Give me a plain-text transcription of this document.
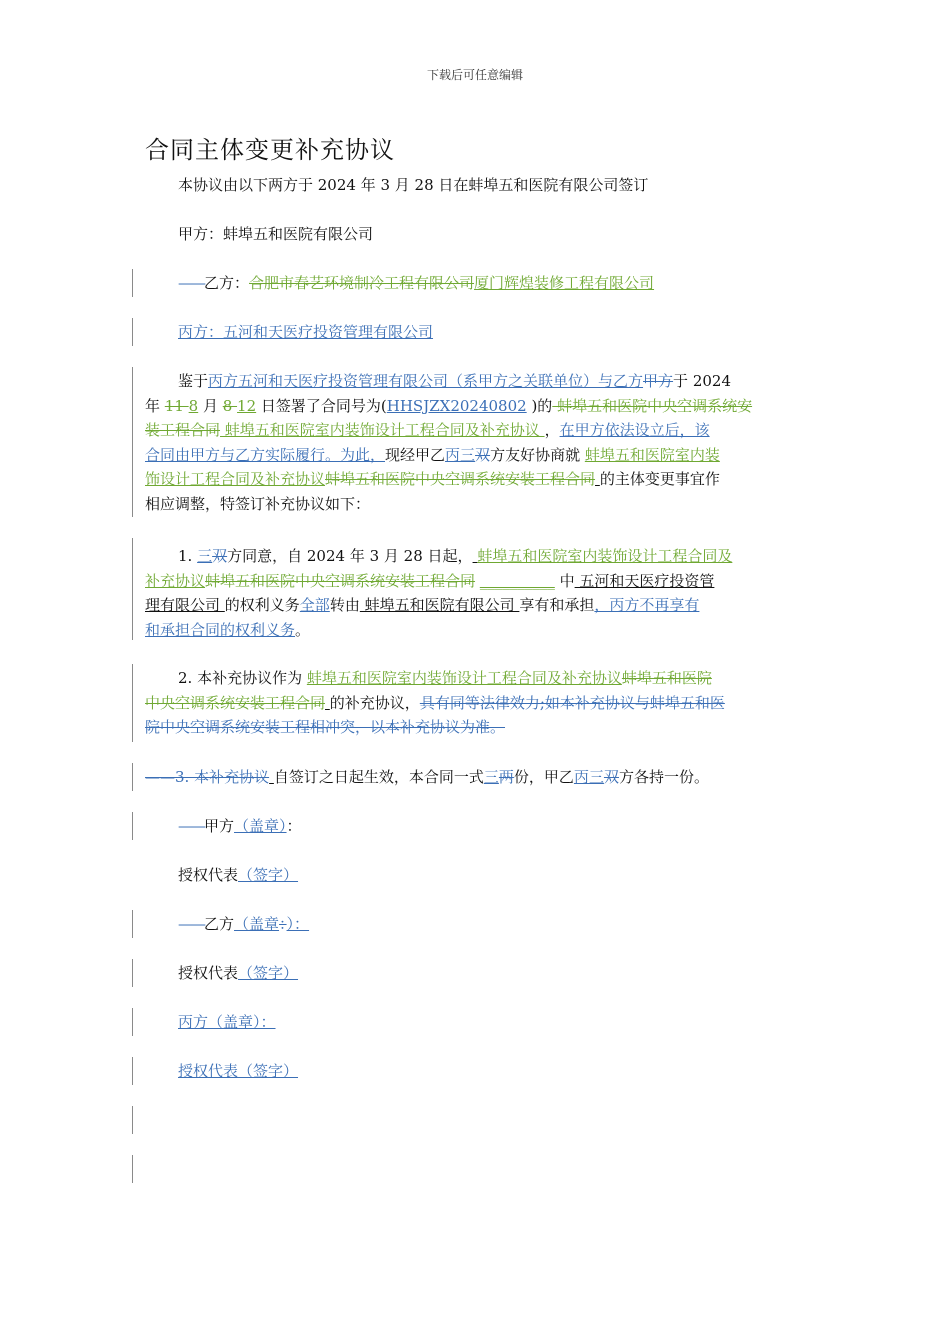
下载后可任意编辑
合同主体变更补充协议
本协议由以下两方于 2024 年 3 月 28 日在蚌埠五和医院有限公司签订
甲方：蚌埠五和医院有限公司
——乙方：合肥市春艺环境制冷工程有限公司厦门辉煌装修工程有限公司
丙方：五河和天医疗投资管理有限公司
鉴于丙方五河和天医疗投资管理有限公司（系甲方之关联单位）与乙方甲方于 2024
年 11 8 月 8 12 日签署了合同号为(HHSJZX20240802 )的 蚌埠五和医院中央空调系统安
装工程合同 蚌埠五和医院室内装饰设计工程合同及补充协议 ，在甲方依法设立后，该
合同由甲方与乙方实际履行。为此，现经甲乙丙三双方友好协商就 蚌埠五和医院室内装
饰设计工程合同及补充协议蚌埠五和医院中央空调系统安装工程合同 的主体变更事宜作
相应调整，特签订补充协议如下：
1. 三双方同意，自 2024 年 3 月 28 日起， 蚌埠五和医院室内装饰设计工程合同及
补充协议蚌埠五和医院中央空调系统安装工程合同 __________ 中 五河和天医疗投资管
理有限公司 的权利义务全部转由 蚌埠五和医院有限公司 享有和承担，丙方不再享有
和承担合同的权利义务。
2. 本补充协议作为 蚌埠五和医院室内装饰设计工程合同及补充协议蚌埠五和医院
中央空调系统安装工程合同 的补充协议，具有同等法律效力;如本补充协议与蚌埠五和医
院中央空调系统安装工程相冲突，以本补充协议为准。
——3. 本补充协议 自签订之日起生效，本合同一式三两份，甲乙丙三双方各持一份。
——甲方（盖章）：
授权代表（签字）
——乙方（盖章：）：
授权代表（签字）
丙方（盖章）：
授权代表（签字）
